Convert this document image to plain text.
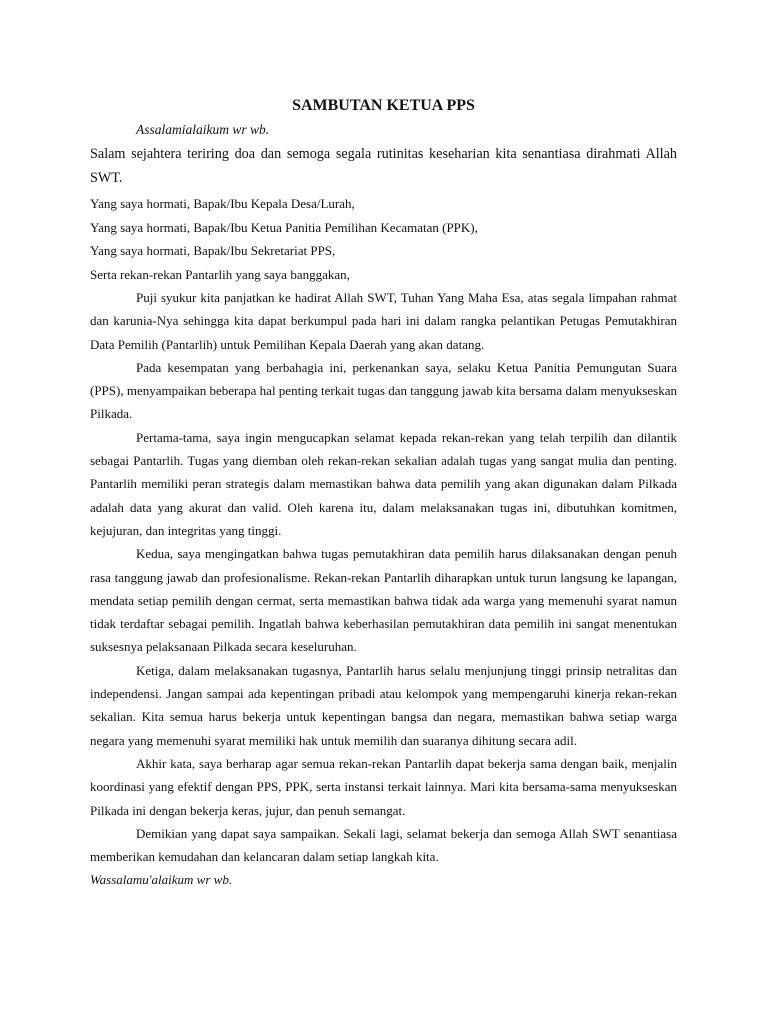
SAMBUTAN KETUA PPS
Assalamialaikum wr wb.
Salam sejahtera teriring doa dan semoga segala rutinitas keseharian kita senantiasa dirahmati Allah SWT.
Yang saya hormati, Bapak/Ibu Kepala Desa/Lurah,
Yang saya hormati, Bapak/Ibu Ketua Panitia Pemilihan Kecamatan (PPK),
Yang saya hormati, Bapak/Ibu Sekretariat PPS,
Serta rekan-rekan Pantarlih yang saya banggakan,

Puji syukur kita panjatkan ke hadirat Allah SWT, Tuhan Yang Maha Esa, atas segala limpahan rahmat dan karunia-Nya sehingga kita dapat berkumpul pada hari ini dalam rangka pelantikan Petugas Pemutakhiran Data Pemilih (Pantarlih) untuk Pemilihan Kepala Daerah yang akan datang.

Pada kesempatan yang berbahagia ini, perkenankan saya, selaku Ketua Panitia Pemungutan Suara (PPS), menyampaikan beberapa hal penting terkait tugas dan tanggung jawab kita bersama dalam menyukseskan Pilkada.

Pertama-tama, saya ingin mengucapkan selamat kepada rekan-rekan yang telah terpilih dan dilantik sebagai Pantarlih. Tugas yang diemban oleh rekan-rekan sekalian adalah tugas yang sangat mulia dan penting. Pantarlih memiliki peran strategis dalam memastikan bahwa data pemilih yang akan digunakan dalam Pilkada adalah data yang akurat dan valid. Oleh karena itu, dalam melaksanakan tugas ini, dibutuhkan komitmen, kejujuran, dan integritas yang tinggi.

Kedua, saya mengingatkan bahwa tugas pemutakhiran data pemilih harus dilaksanakan dengan penuh rasa tanggung jawab dan profesionalisme. Rekan-rekan Pantarlih diharapkan untuk turun langsung ke lapangan, mendata setiap pemilih dengan cermat, serta memastikan bahwa tidak ada warga yang memenuhi syarat namun tidak terdaftar sebagai pemilih. Ingatlah bahwa keberhasilan pemutakhiran data pemilih ini sangat menentukan suksesnya pelaksanaan Pilkada secara keseluruhan.

Ketiga, dalam melaksanakan tugasnya, Pantarlih harus selalu menjunjung tinggi prinsip netralitas dan independensi. Jangan sampai ada kepentingan pribadi atau kelompok yang mempengaruhi kinerja rekan-rekan sekalian. Kita semua harus bekerja untuk kepentingan bangsa dan negara, memastikan bahwa setiap warga negara yang memenuhi syarat memiliki hak untuk memilih dan suaranya dihitung secara adil.

Akhir kata, saya berharap agar semua rekan-rekan Pantarlih dapat bekerja sama dengan baik, menjalin koordinasi yang efektif dengan PPS, PPK, serta instansi terkait lainnya. Mari kita bersama-sama menyukseskan Pilkada ini dengan bekerja keras, jujur, dan penuh semangat.

Demikian yang dapat saya sampaikan. Sekali lagi, selamat bekerja dan semoga Allah SWT senantiasa memberikan kemudahan dan kelancaran dalam setiap langkah kita.

Wassalamu'alaikum wr wb.
